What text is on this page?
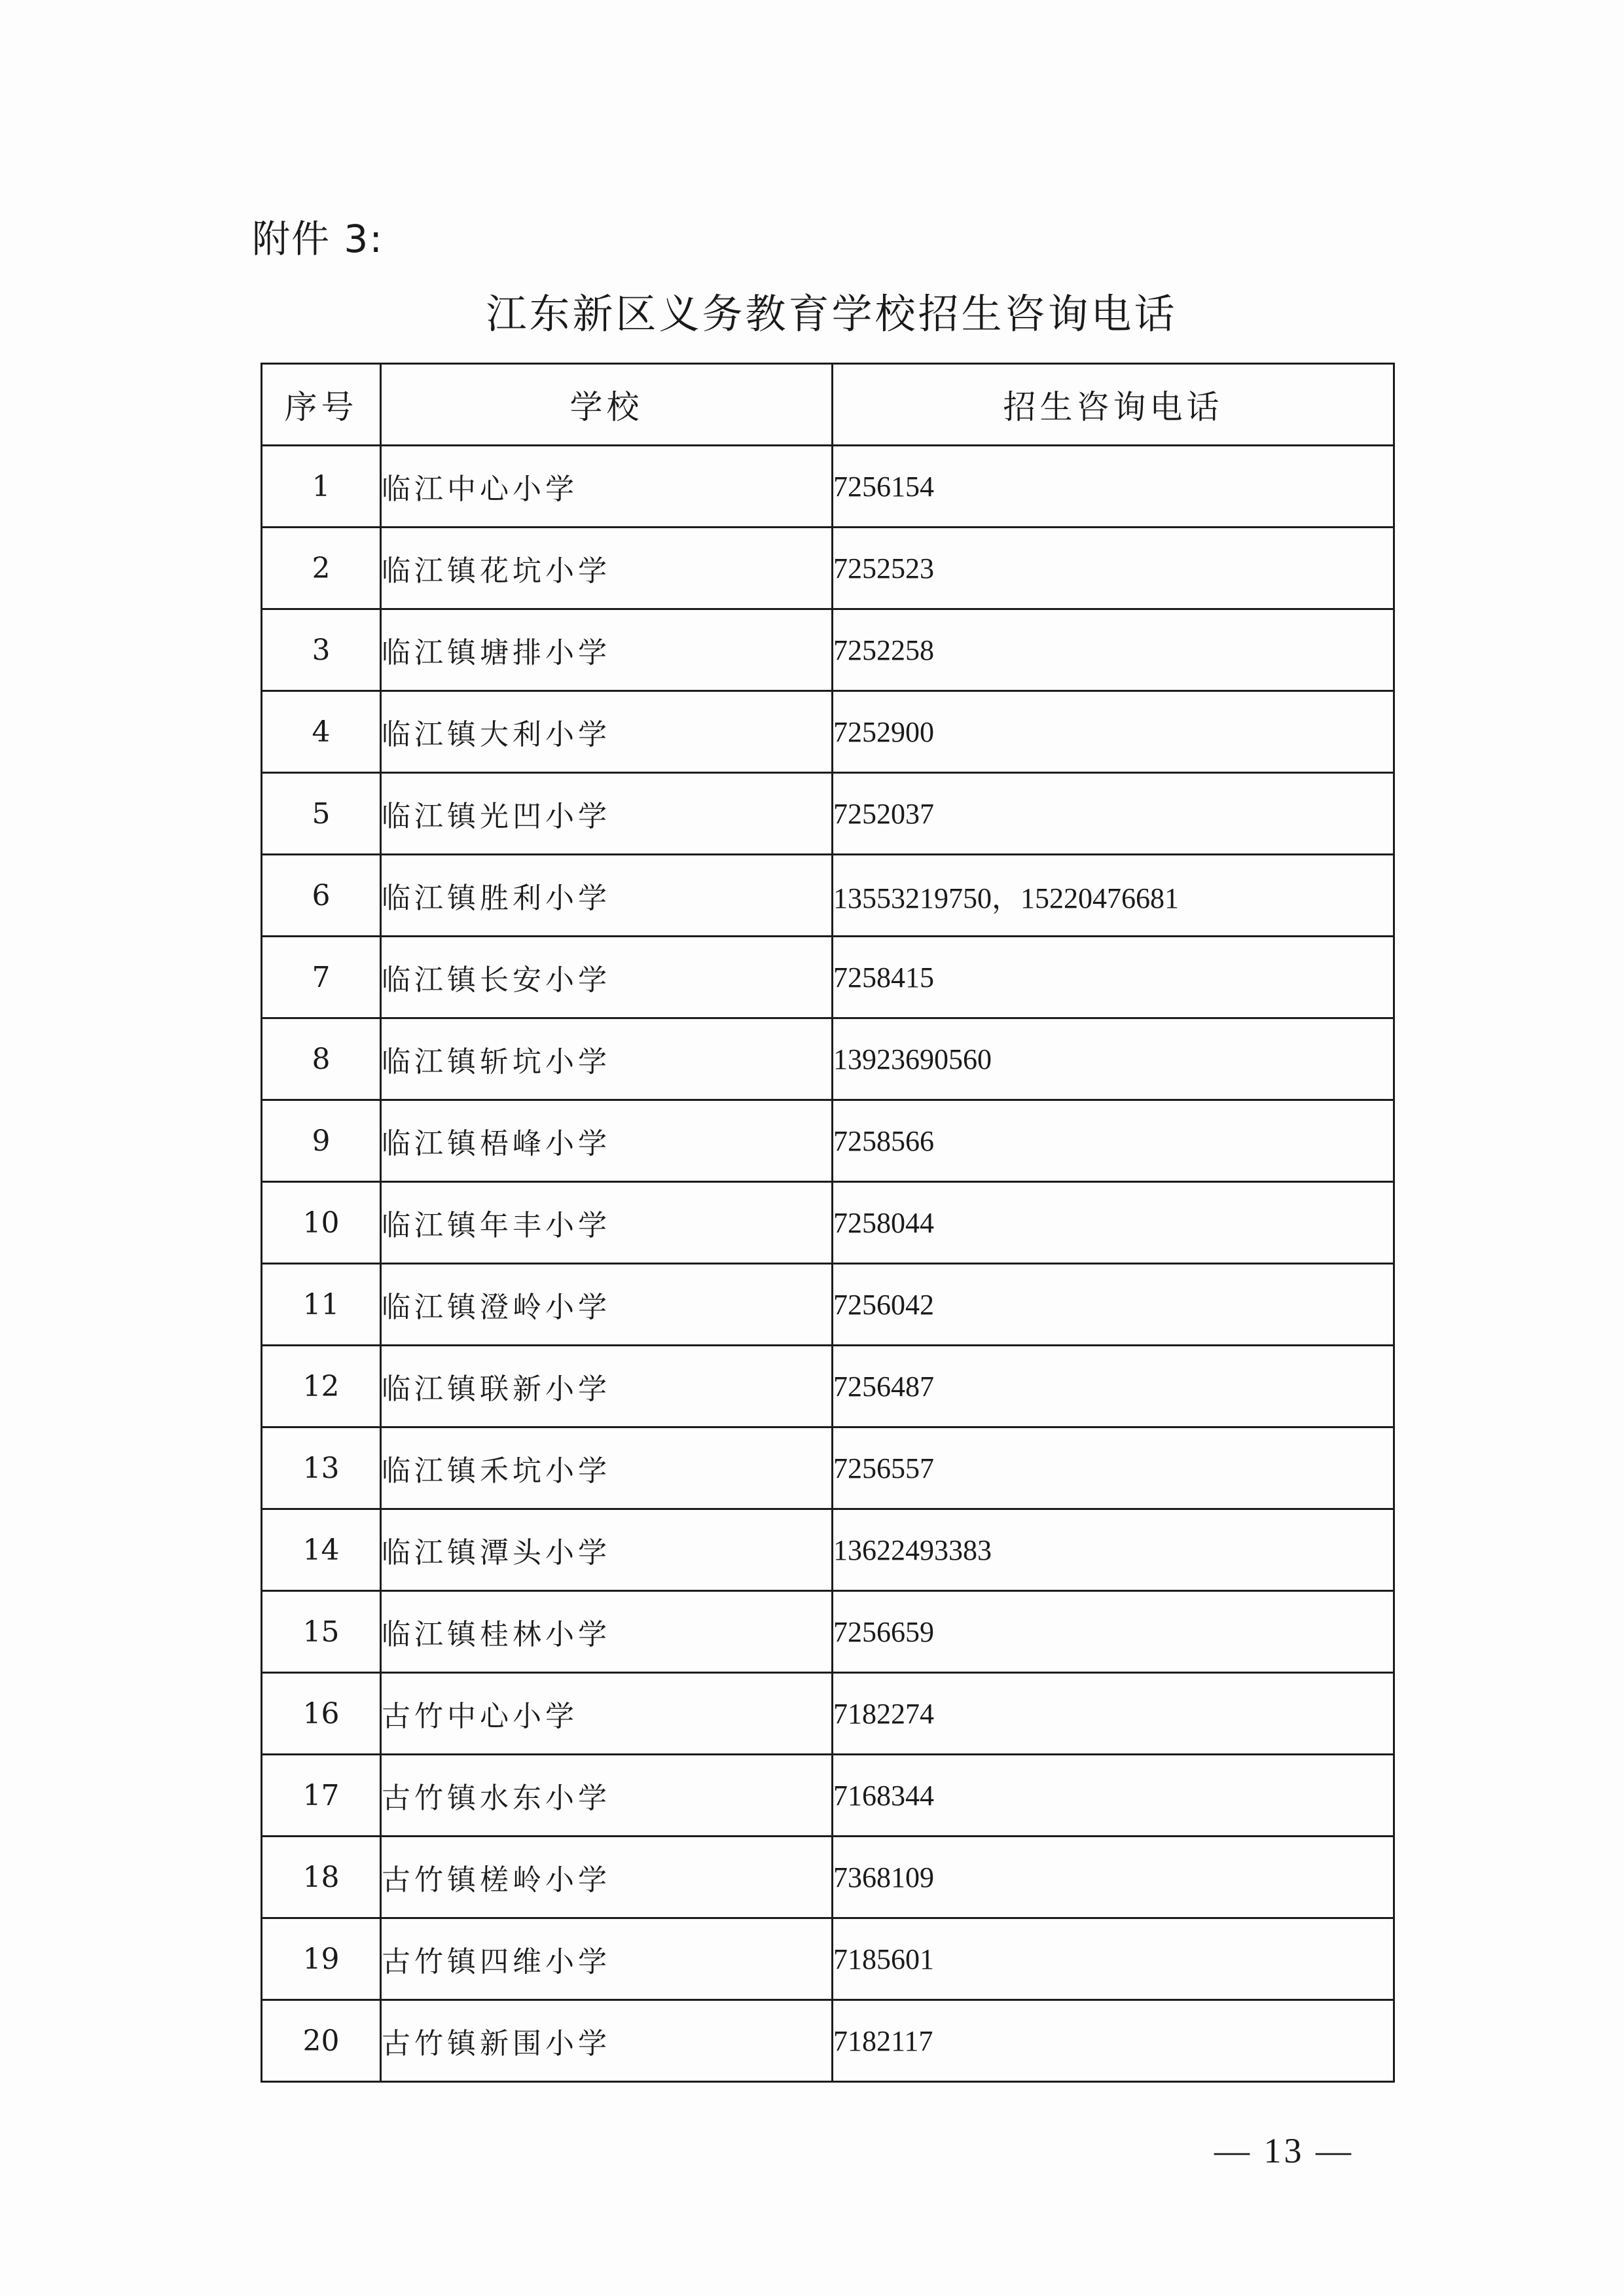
附件 3:
江东新区义务教育学校招生咨询电话
序号	学校	招生咨询电话
1	临江中心小学	7256154
2	临江镇花坑小学	7252523
3	临江镇塘排小学	7252258
4	临江镇大利小学	7252900
5	临江镇光凹小学	7252037
6	临江镇胜利小学	13553219750，15220476681
7	临江镇长安小学	7258415
8	临江镇斩坑小学	13923690560
9	临江镇梧峰小学	7258566
10	临江镇年丰小学	7258044
11	临江镇澄岭小学	7256042
12	临江镇联新小学	7256487
13	临江镇禾坑小学	7256557
14	临江镇潭头小学	13622493383
15	临江镇桂林小学	7256659
16	古竹中心小学	7182274
17	古竹镇水东小学	7168344
18	古竹镇槎岭小学	7368109
19	古竹镇四维小学	7185601
20	古竹镇新围小学	7182117
— 13 —
